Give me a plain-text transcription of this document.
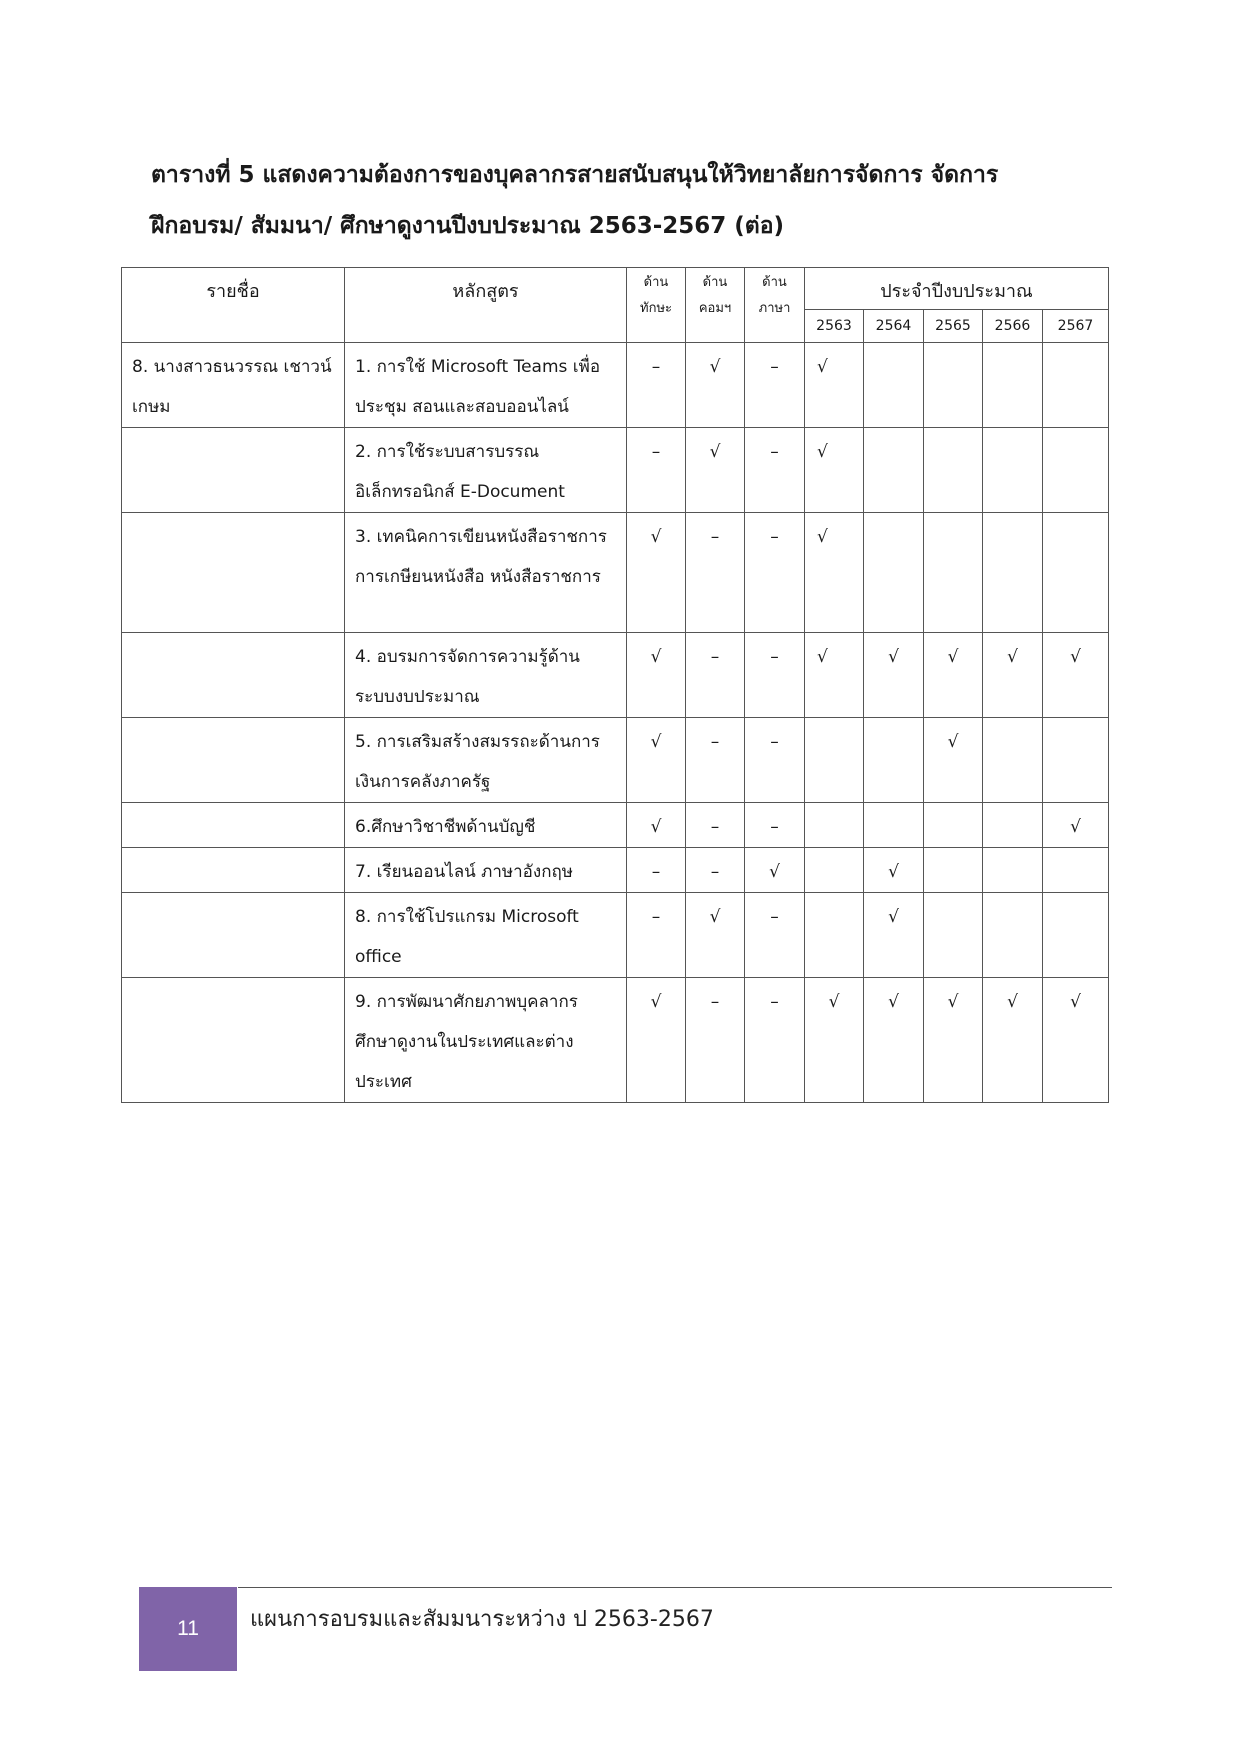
ตารางที่ 5 แสดงความต้องการของบุคลากรสายสนับสนุนให้วิทยาลัยการจัดการ จัดการ
ฝึกอบรม/ สัมมนา/ ศึกษาดูงานปีงบประมาณ 2563-2567 (ต่อ)
รายชื่อ	หลักสูตร	ด้าน ทักษะ	ด้าน คอมฯ	ด้าน ภาษา	ประจำปีงบประมาณ				
					2563	2564	2565	2566	2567
8. นางสาวธนวรรณ เชาวน์เกษม	1. การใช้ Microsoft Teams เพื่อประชุม สอนและสอบออนไลน์	–	√	–	√				
	2. การใช้ระบบสารบรรณอิเล็กทรอนิกส์ E-Document	–	√	–	√				
	3. เทคนิคการเขียนหนังสือราชการการเกษียนหนังสือ หนังสือราชการ	√	–	–	√				
	4. อบรมการจัดการความรู้ด้านระบบงบประมาณ	√	–	–	√	√	√	√	√
	5. การเสริมสร้างสมรรถะด้านการเงินการคลังภาครัฐ	√	–	–			√		
	6.ศึกษาวิชาชีพด้านบัญชี	√	–	–					√
	7. เรียนออนไลน์ ภาษาอังกฤษ	–	–	√		√			
	8. การใช้โปรแกรม Microsoft office	–	√	–		√			
	9. การพัฒนาศักยภาพบุคลากร ศึกษาดูงานในประเทศและต่างประเทศ	√	–	–	√	√	√	√	√
11 แผนการอบรมและสัมมนาระหว่าง ป 2563-2567
